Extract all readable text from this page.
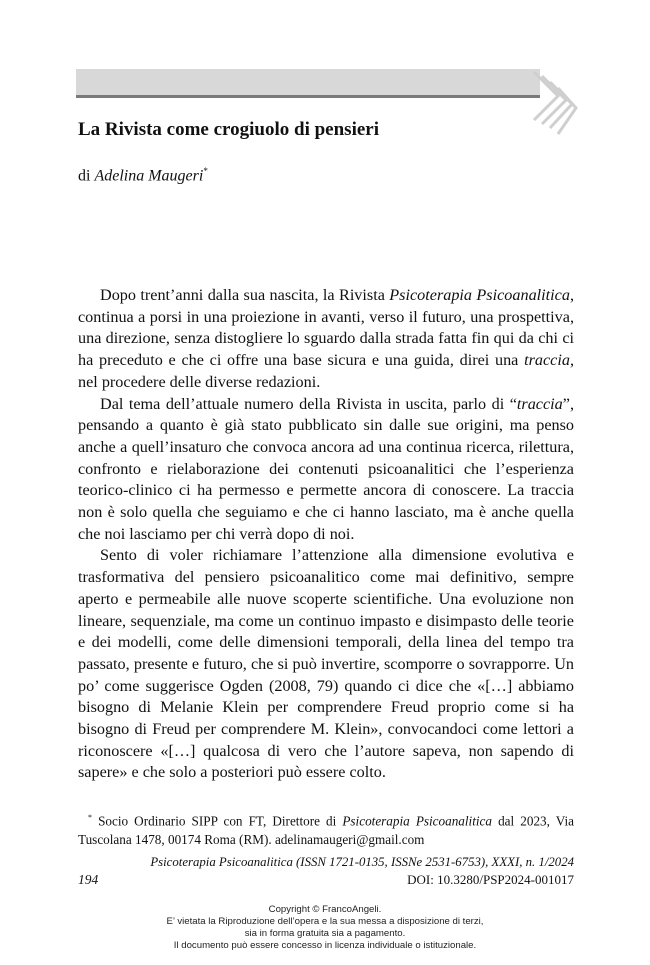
La Rivista come crogiuolo di pensieri

di Adelina Maugeri*

Dopo trent’anni dalla sua nascita, la Rivista Psicoterapia Psicoanalitica, continua a porsi in una proiezione in avanti, verso il futuro, una prospettiva, una direzione, senza distogliere lo sguardo dalla strada fatta fin qui da chi ci ha preceduto e che ci offre una base sicura e una guida, direi una traccia, nel procedere delle diverse redazioni.

Dal tema dell’attuale numero della Rivista in uscita, parlo di “traccia”, pensando a quanto è già stato pubblicato sin dalle sue origini, ma penso anche a quell’insaturo che convoca ancora ad una continua ricerca, rilettura, confronto e rielaborazione dei contenuti psicoanalitici che l’esperienza teorico-clinico ci ha permesso e permette ancora di conoscere. La traccia non è solo quella che seguiamo e che ci hanno lasciato, ma è anche quella che noi lasciamo per chi verrà dopo di noi.

Sento di voler richiamare l’attenzione alla dimensione evolutiva e trasformativa del pensiero psicoanalitico come mai definitivo, sempre aperto e permeabile alle nuove scoperte scientifiche. Una evoluzione non lineare, sequenziale, ma come un continuo impasto e disimpasto delle teorie e dei modelli, come delle dimensioni temporali, della linea del tempo tra passato, presente e futuro, che si può invertire, scomporre o sovrapporre. Un po’ come suggerisce Ogden (2008, 79) quando ci dice che «[…] abbiamo bisogno di Melanie Klein per comprendere Freud proprio come si ha bisogno di Freud per comprendere M. Klein», convocandoci come lettori a riconoscere «[…] qualcosa di vero che l’autore sapeva, non sapendo di sapere» e che solo a posteriori può essere colto.

* Socio Ordinario SIPP con FT, Direttore di Psicoterapia Psicoanalitica dal 2023, Via Tuscolana 1478, 00174 Roma (RM). adelinamaugeri@gmail.com

Psicoterapia Psicoanalitica (ISSN 1721-0135, ISSNe 2531-6753), XXXI, n. 1/2024

194	DOI: 10.3280/PSP2024-001017

Copyright © FrancoAngeli.
E’ vietata la Riproduzione dell’opera e la sua messa a disposizione di terzi,
sia in forma gratuita sia a pagamento.
Il documento può essere concesso in licenza individuale o istituzionale.
